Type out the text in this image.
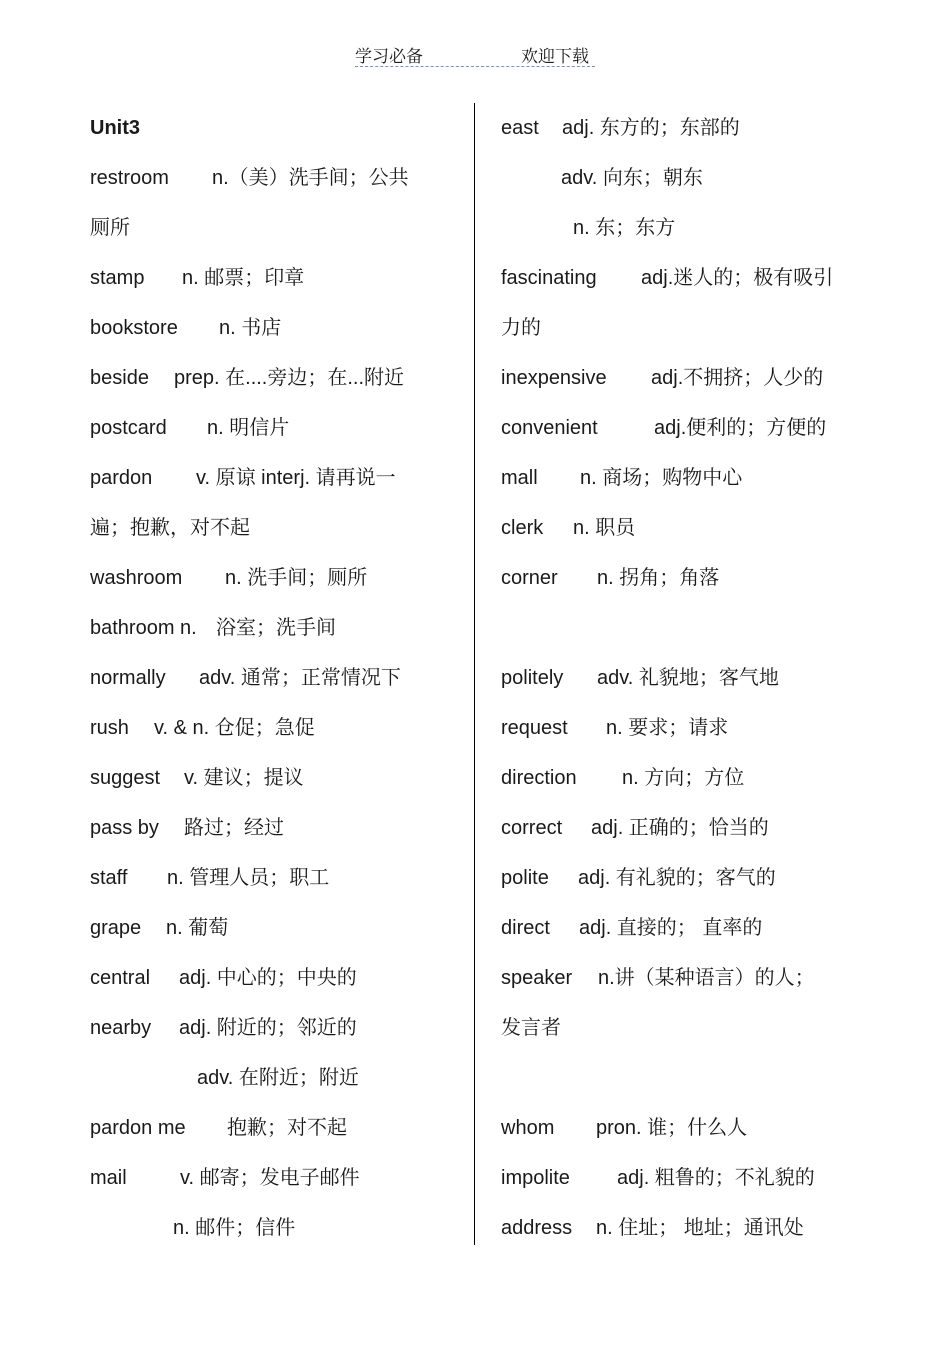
学习必备	欢迎下载
Unit3
restroom n.（美）洗手间；公共
厕所
stamp n. 邮票；印章
bookstore n. 书店
beside prep. 在....旁边；在...附近
postcard n. 明信片
pardon v. 原谅 interj. 请再说一
遍；抱歉，对不起
washroom n. 洗手间；厕所
bathroom n. 浴室；洗手间
normally adv. 通常；正常情况下
rush v. & n. 仓促；急促
suggest v. 建议；提议
pass by 路过；经过
staff n. 管理人员；职工
grape n. 葡萄
central adj. 中心的；中央的
nearby adj. 附近的；邻近的
adv. 在附近；附近
pardon me 抱歉；对不起
mail	v. 邮寄；发电子邮件
n. 邮件；信件
east adj. 东方的；东部的
adv. 向东；朝东
n. 东；东方
fascinating adj.迷人的；极有吸引
力的
inexpensive adj.不拥挤；人少的
convenient	adj.便利的；方便的
mall n. 商场；购物中心
clerk n. 职员
corner n. 拐角；角落
politely adv. 礼貌地；客气地
request n. 要求；请求
direction n. 方向；方位
correct adj. 正确的；恰当的
polite adj. 有礼貌的；客气的
direct adj. 直接的； 直率的
speaker n.讲（某种语言）的人；
发言者
whom pron. 谁；什么人
impolite adj. 粗鲁的；不礼貌的
address n. 住址； 地址；通讯处
